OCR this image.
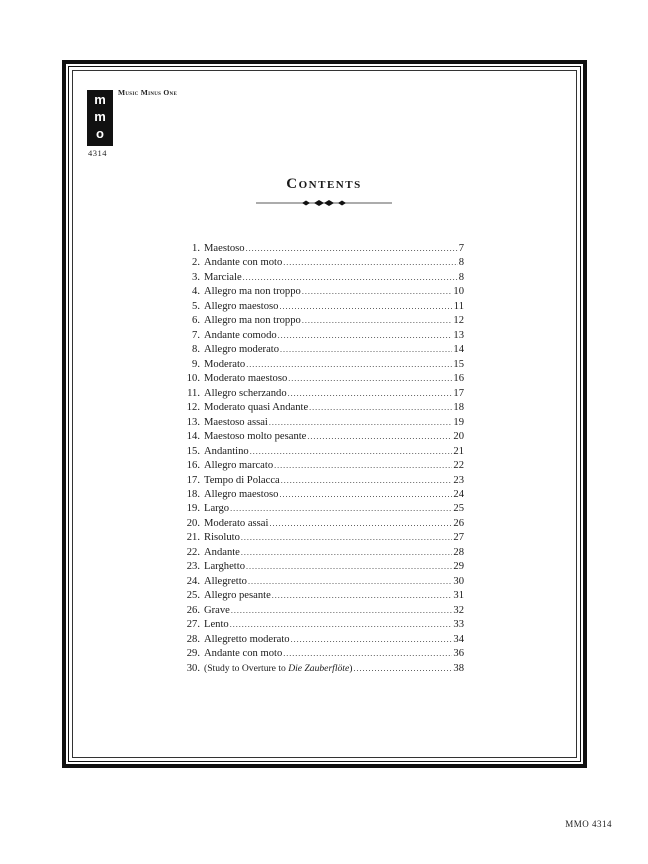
Music Minus One
m
m
o
4314
Contents
1. Maestoso .....	7
2. Andante con moto .....	8
3. Marciale .....	8
4. Allegro ma non troppo .....	10
5. Allegro maestoso .....	11
6. Allegro ma non troppo .....	12
7. Andante comodo .....	13
8. Allegro moderato .....	14
9. Moderato .....	15
10. Moderato maestoso .....	16
11. Allegro scherzando .....	17
12. Moderato quasi Andante .....	18
13. Maestoso assai .....	19
14. Maestoso molto pesante .....	20
15. Andantino .....	21
16. Allegro marcato .....	22
17. Tempo di Polacca .....	23
18. Allegro maestoso .....	24
19. Largo .....	25
20. Moderato assai .....	26
21. Risoluto .....	27
22. Andante .....	28
23. Larghetto .....	29
24. Allegretto .....	30
25. Allegro pesante .....	31
26. Grave .....	32
27. Lento .....	33
28. Allegretto moderato .....	34
29. Andante con moto .....	36
30. (Study to Overture to Die Zauberflöte) .....	38
MMO 4314
